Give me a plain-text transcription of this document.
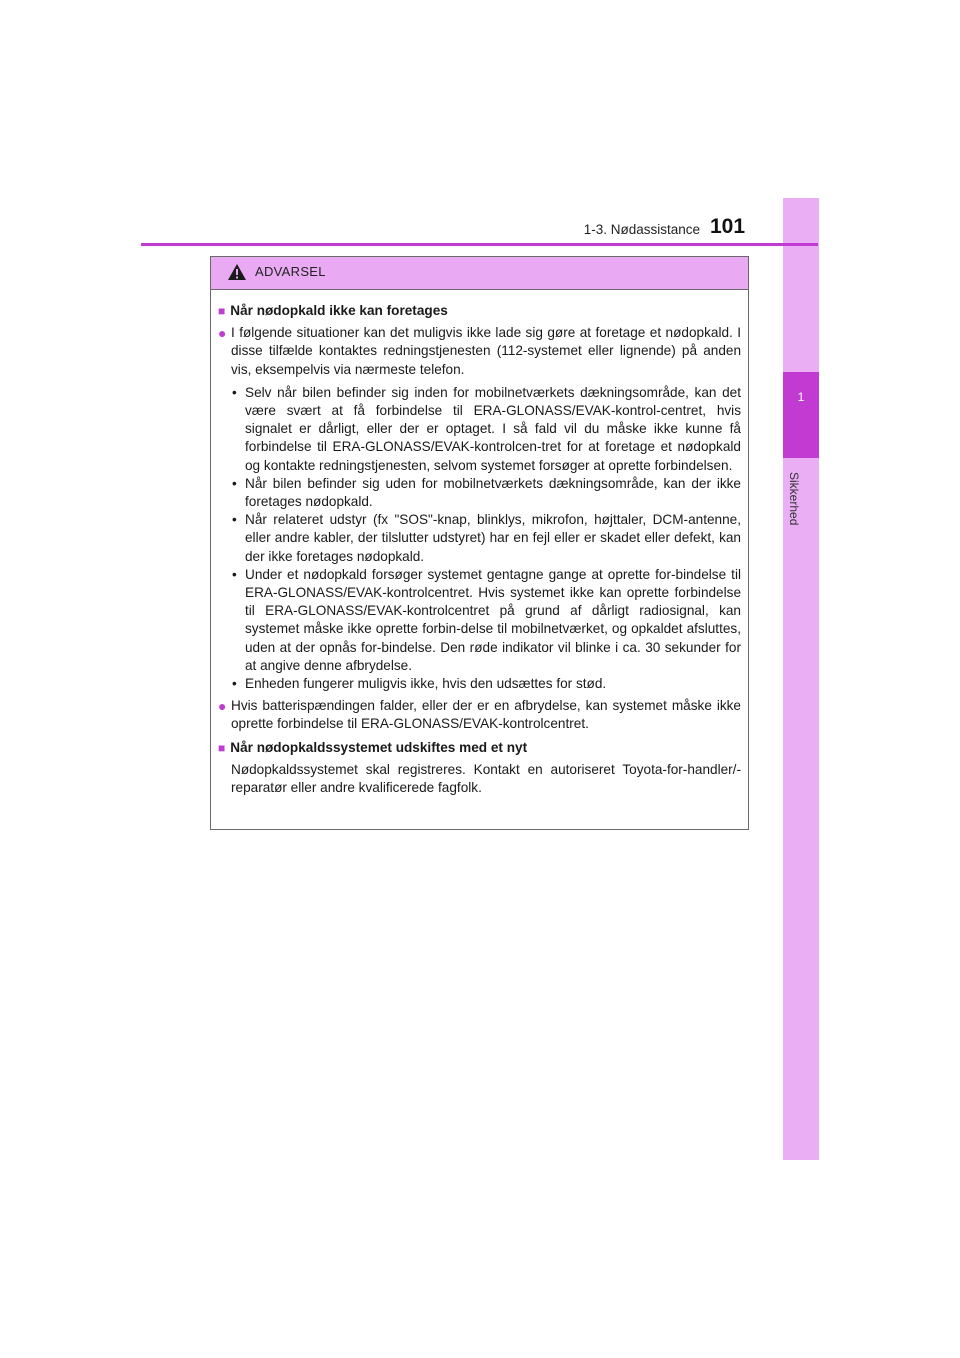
1
Sikkerhed
1-3. Nødassistance 101
ADVARSEL
■ Når nødopkald ikke kan foretages
● I følgende situationer kan det muligvis ikke lade sig gøre at foretage et nødopkald. I disse tilfælde kontaktes redningstjenesten (112-systemet eller lignende) på anden vis, eksempelvis via nærmeste telefon.
• Selv når bilen befinder sig inden for mobilnetværkets dækningsområde, kan det være svært at få forbindelse til ERA-GLONASS/EVAK-kontrol-centret, hvis signalet er dårligt, eller der er optaget. I så fald vil du måske ikke kunne få forbindelse til ERA-GLONASS/EVAK-kontrolcen-tret for at foretage et nødopkald og kontakte redningstjenesten, selvom systemet forsøger at oprette forbindelsen.
• Når bilen befinder sig uden for mobilnetværkets dækningsområde, kan der ikke foretages nødopkald.
• Når relateret udstyr (fx "SOS"-knap, blinklys, mikrofon, højttaler, DCM-antenne, eller andre kabler, der tilslutter udstyret) har en fejl eller er skadet eller defekt, kan der ikke foretages nødopkald.
• Under et nødopkald forsøger systemet gentagne gange at oprette for-bindelse til ERA-GLONASS/EVAK-kontrolcentret. Hvis systemet ikke kan oprette forbindelse til ERA-GLONASS/EVAK-kontrolcentret på grund af dårligt radiosignal, kan systemet måske ikke oprette forbin-delse til mobilnetværket, og opkaldet afsluttes, uden at der opnås for-bindelse. Den røde indikator vil blinke i ca. 30 sekunder for at angive denne afbrydelse.
• Enheden fungerer muligvis ikke, hvis den udsættes for stød.
● Hvis batterispændingen falder, eller der er en afbrydelse, kan systemet måske ikke oprette forbindelse til ERA-GLONASS/EVAK-kontrolcentret.
■ Når nødopkaldssystemet udskiftes med et nyt
Nødopkaldssystemet skal registreres. Kontakt en autoriseret Toyota-for-handler/-reparatør eller andre kvalificerede fagfolk.
